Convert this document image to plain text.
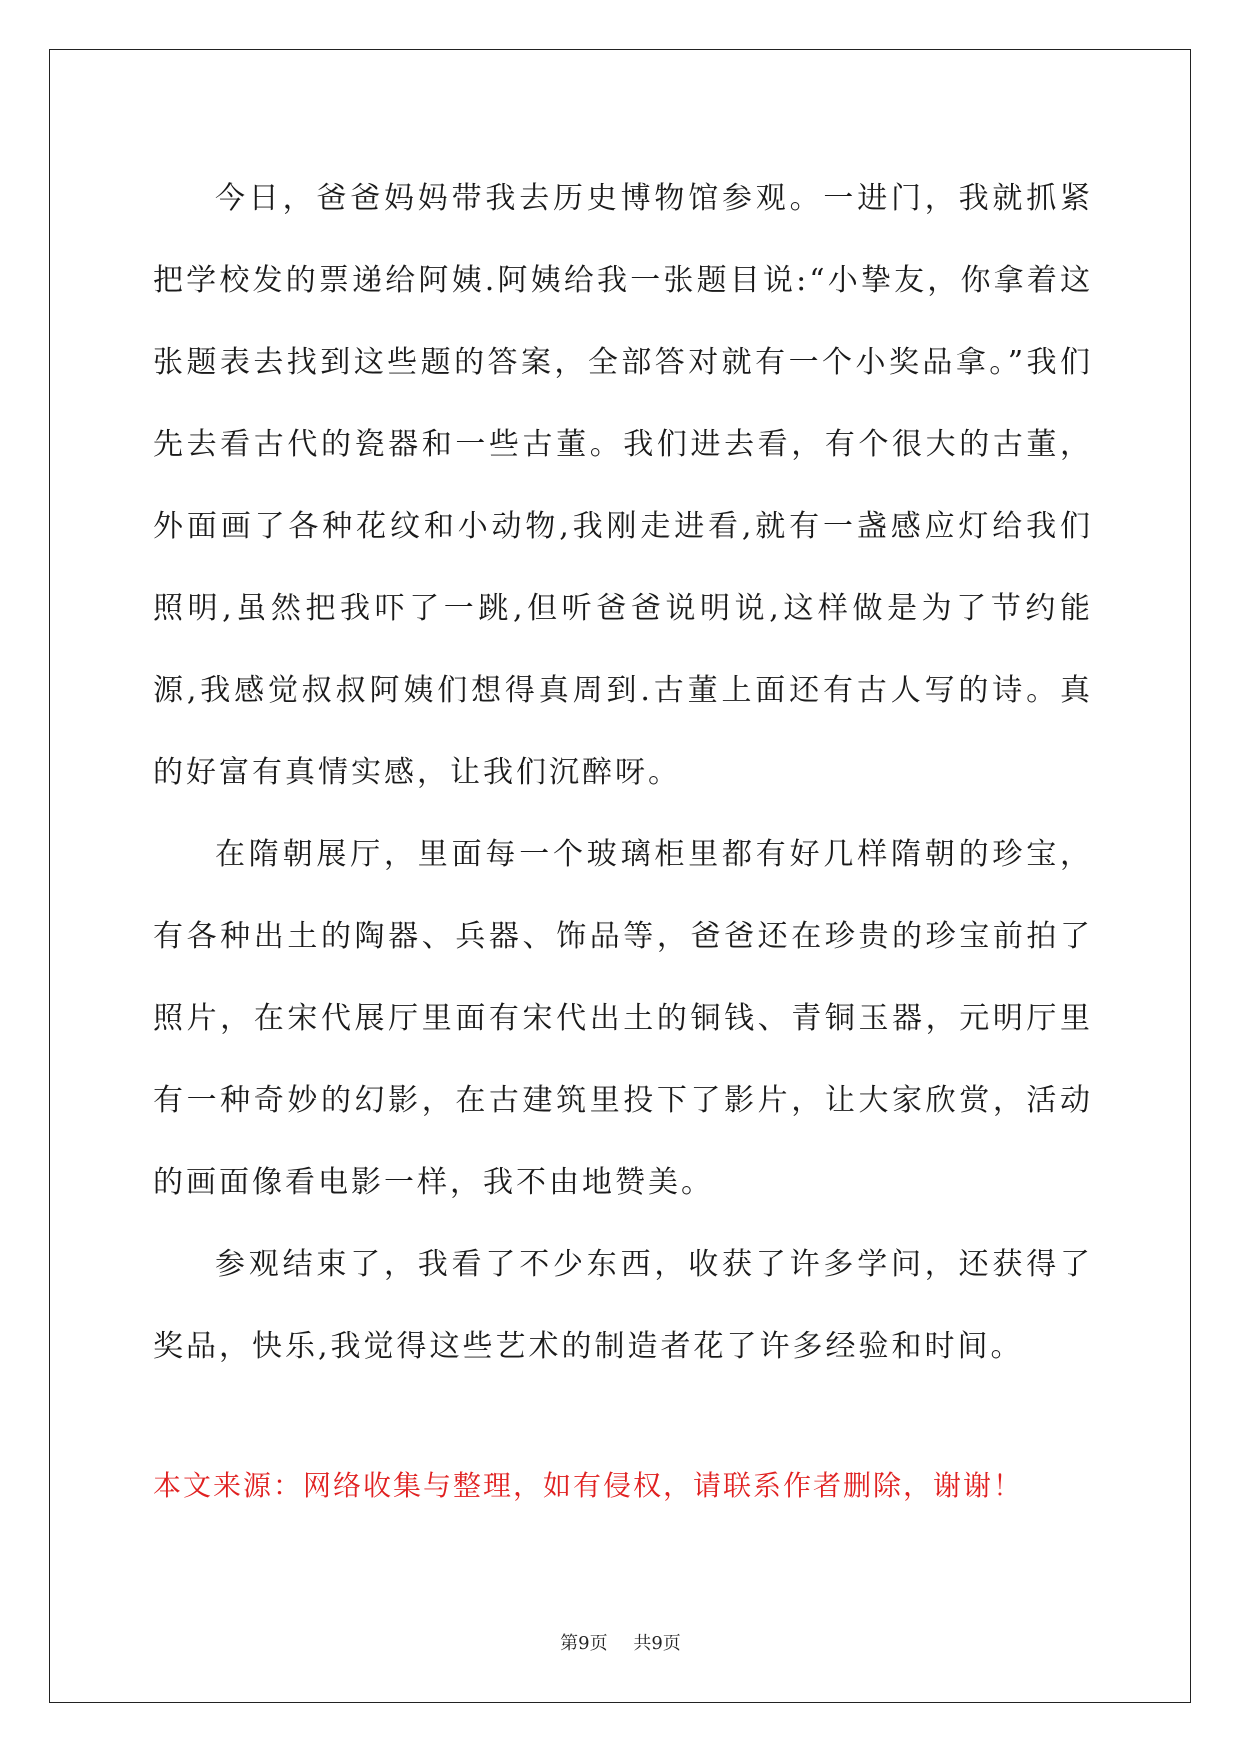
今日，爸爸妈妈带我去历史博物馆参观。一进门，我就抓紧把学校发的票递给阿姨.阿姨给我一张题目说:“小挚友，你拿着这张题表去找到这些题的答案，全部答对就有一个小奖品拿。”我们先去看古代的瓷器和一些古董。我们进去看，有个很大的古董，外面画了各种花纹和小动物,我刚走进看,就有一盏感应灯给我们照明,虽然把我吓了一跳,但听爸爸说明说,这样做是为了节约能源,我感觉叔叔阿姨们想得真周到.古董上面还有古人写的诗。真的好富有真情实感，让我们沉醉呀。

在隋朝展厅，里面每一个玻璃柜里都有好几样隋朝的珍宝，有各种出土的陶器、兵器、饰品等，爸爸还在珍贵的珍宝前拍了照片，在宋代展厅里面有宋代出土的铜钱、青铜玉器，元明厅里有一种奇妙的幻影，在古建筑里投下了影片，让大家欣赏，活动的画面像看电影一样，我不由地赞美。

参观结束了，我看了不少东西，收获了许多学问，还获得了奖品，快乐,我觉得这些艺术的制造者花了许多经验和时间。

本文来源：网络收集与整理，如有侵权，请联系作者删除，谢谢！

第9页 共9页
